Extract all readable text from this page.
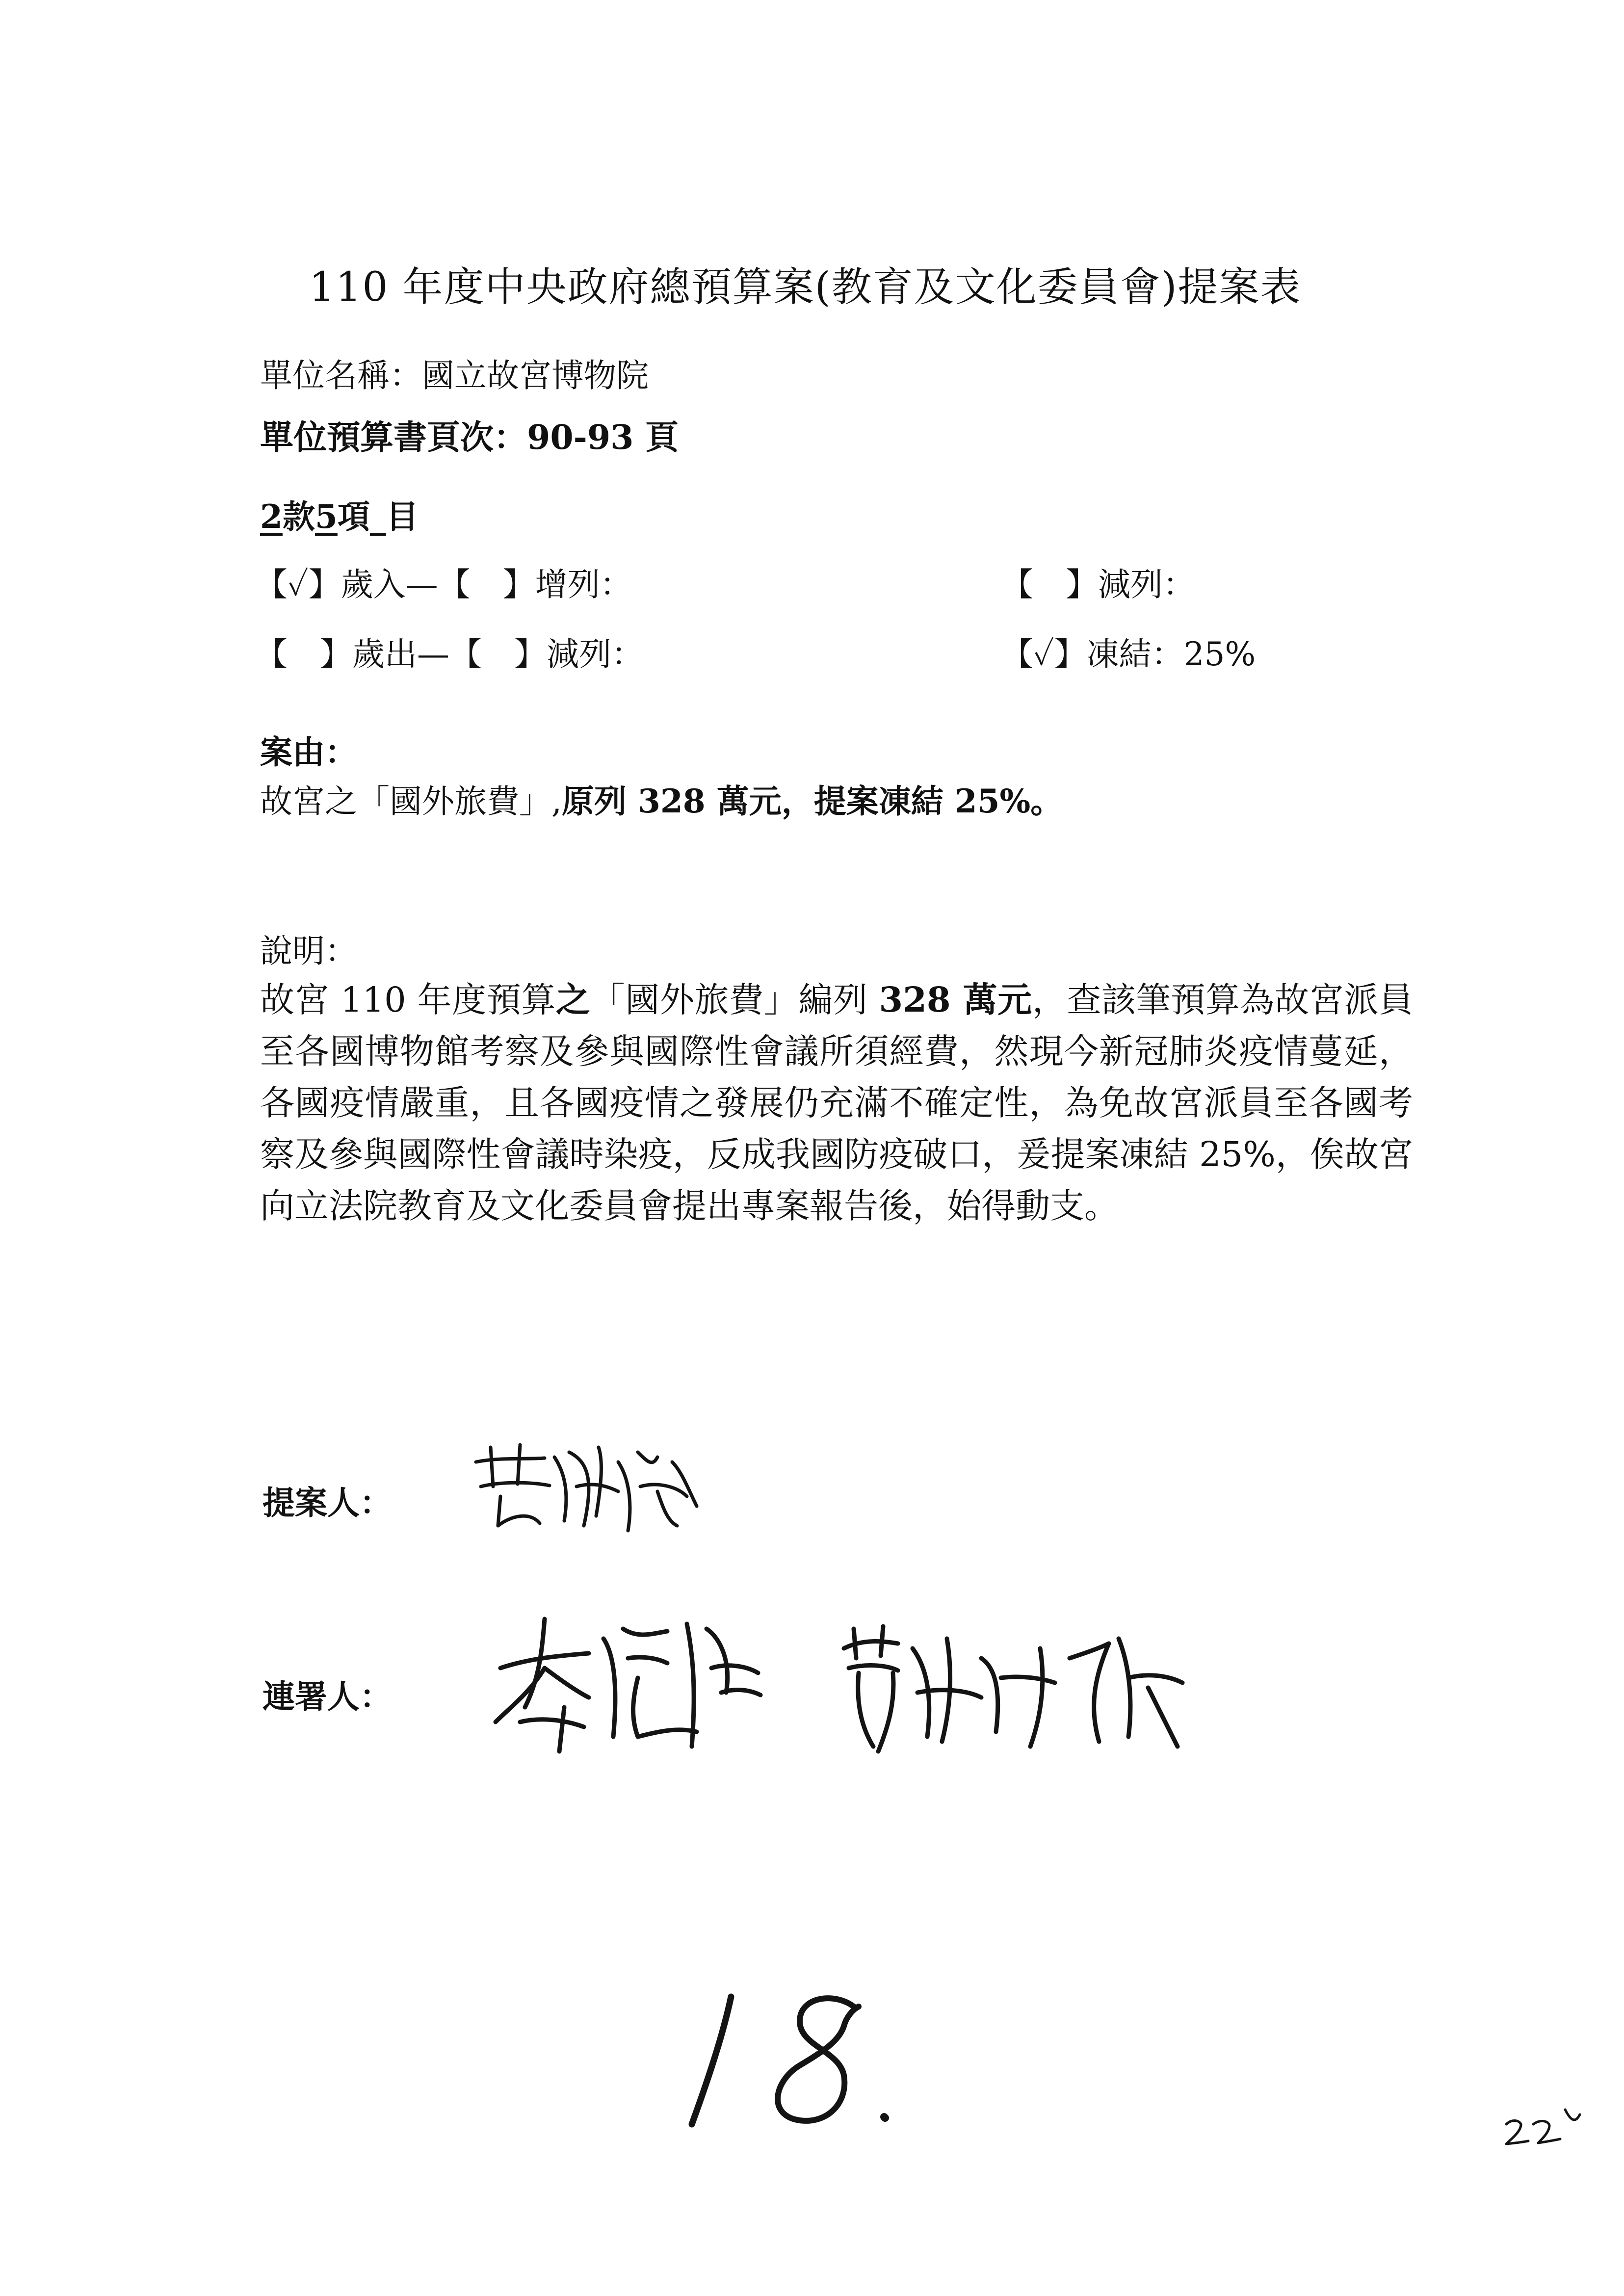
110 年度中央政府總預算案(教育及文化委員會)提案表
單位名稱：國立故宮博物院
單位預算書頁次：90-93 頁
2款5項  目
【✓】歲入—【　】增列：	【　】減列：
【　】歲出—【　】減列：	【✓】凍結：25%
案由：
故宮之「國外旅費」,原列 328 萬元，提案凍結 25%。
說明：
故宮 110 年度預算之「國外旅費」編列 328 萬元，查該筆預算為故宮派員至各國博物館考察及參與國際性會議所須經費，然現今新冠肺炎疫情蔓延，各國疫情嚴重，且各國疫情之發展仍充滿不確定性，為免故宮派員至各國考察及參與國際性會議時染疫，反成我國防疫破口，爰提案凍結 25%，俟故宮向立法院教育及文化委員會提出專案報告後，始得動支。
提案人：
連署人：
